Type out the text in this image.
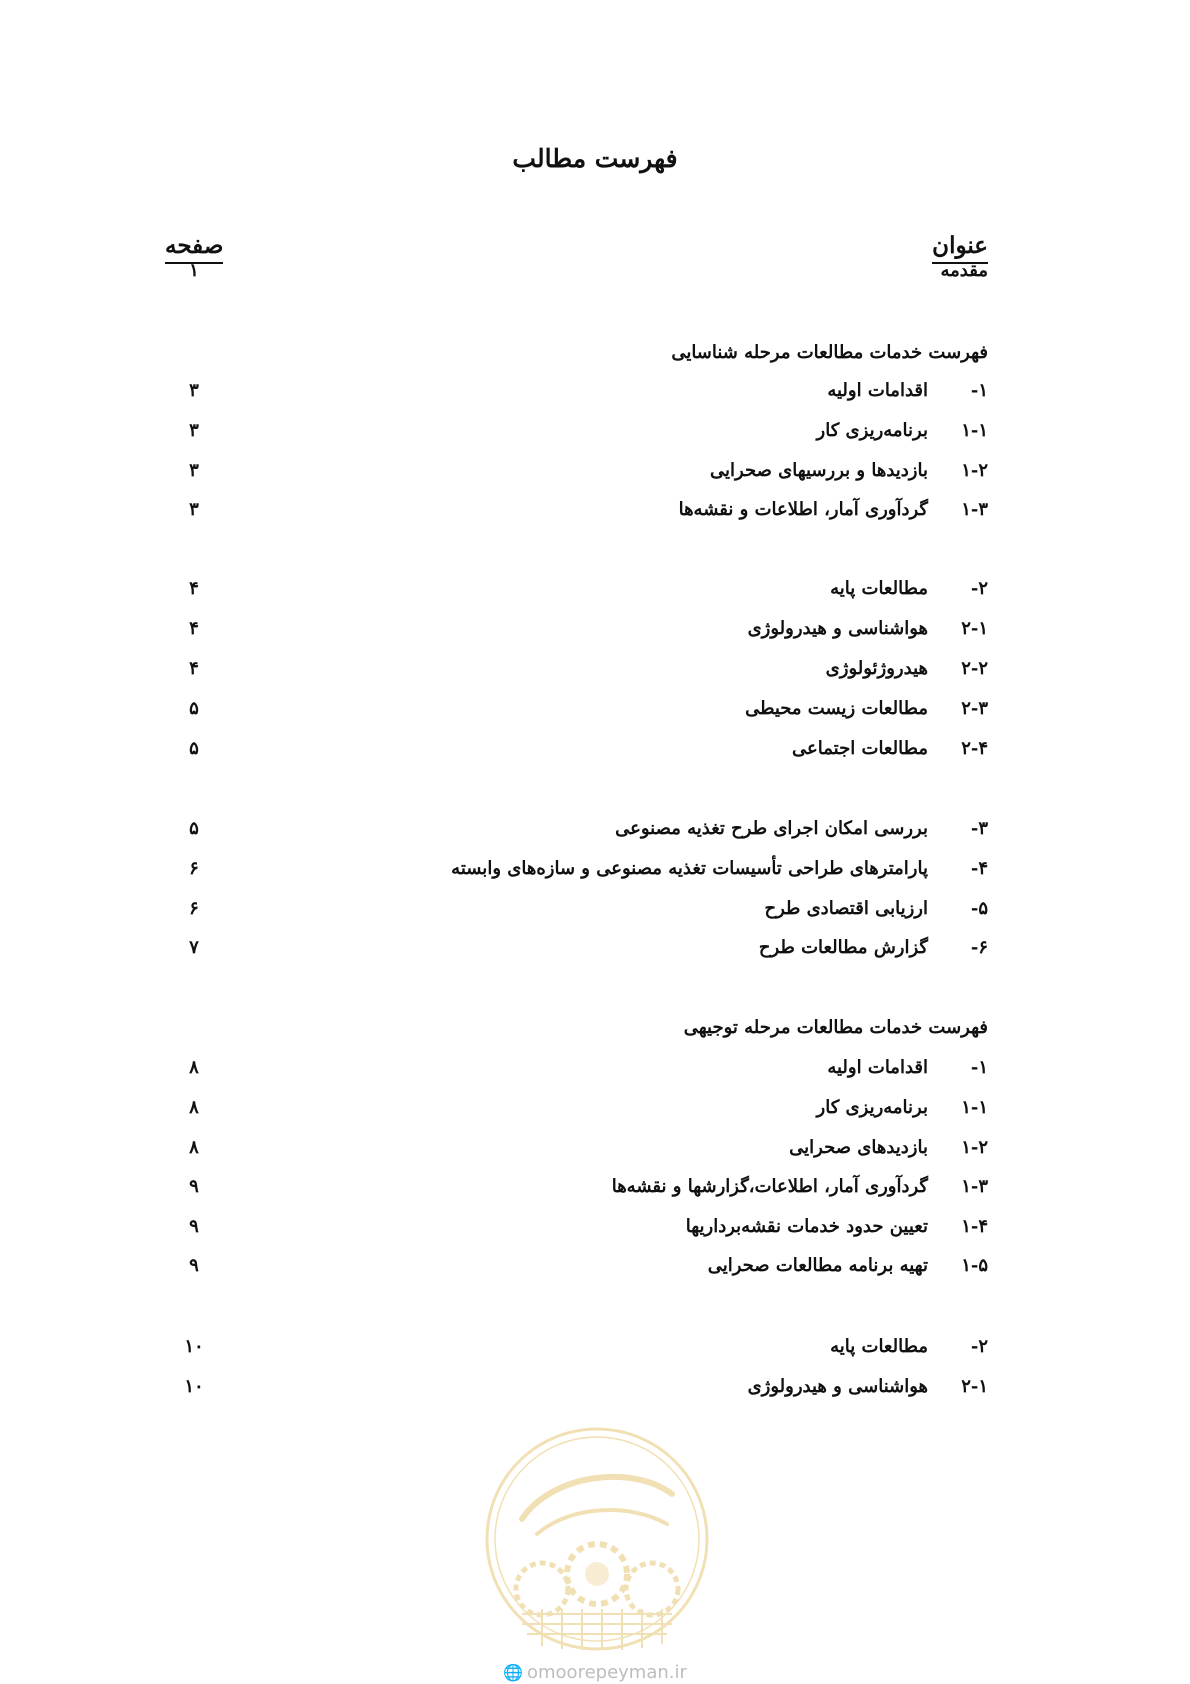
فهرست مطالب
عنوان
صفحه
مقدمه
۱
فهرست خدمات مطالعات مرحله شناسایی
۱-
اقدامات اولیه
۳
۱-۱
برنامه‌ریزی کار
۳
۱-۲
بازدیدها و بررسیهای صحرایی
۳
۱-۳
گردآوری آمار، اطلاعات و نقشه‌ها
۳
۲-
مطالعات پایه
۴
۲-۱
هواشناسی و هیدرولوژی
۴
۲-۲
هیدروژئولوژی
۴
۲-۳
مطالعات زیست محیطی
۵
۲-۴
مطالعات اجتماعی
۵
۳-
بررسی امکان اجرای طرح تغذیه مصنوعی
۵
۴-
پارامترهای طراحی تأسیسات تغذیه مصنوعی و سازه‌های وابسته
۶
۵-
ارزیابی اقتصادی طرح
۶
۶-
گزارش مطالعات طرح
۷
فهرست خدمات مطالعات مرحله توجیهی
۱-
اقدامات اولیه
۸
۱-۱
برنامه‌ریزی کار
۸
۱-۲
بازدیدهای صحرایی
۸
۱-۳
گردآوری آمار، اطلاعات،گزارشها و نقشه‌ها
۹
۱-۴
تعیین حدود خدمات نقشه‌برداریها
۹
۱-۵
تهیه برنامه مطالعات صحرایی
۹
۲-
مطالعات پایه
۱۰
۲-۱
هواشناسی و هیدرولوژی
۱۰
🌐 omoorepeyman.ir
